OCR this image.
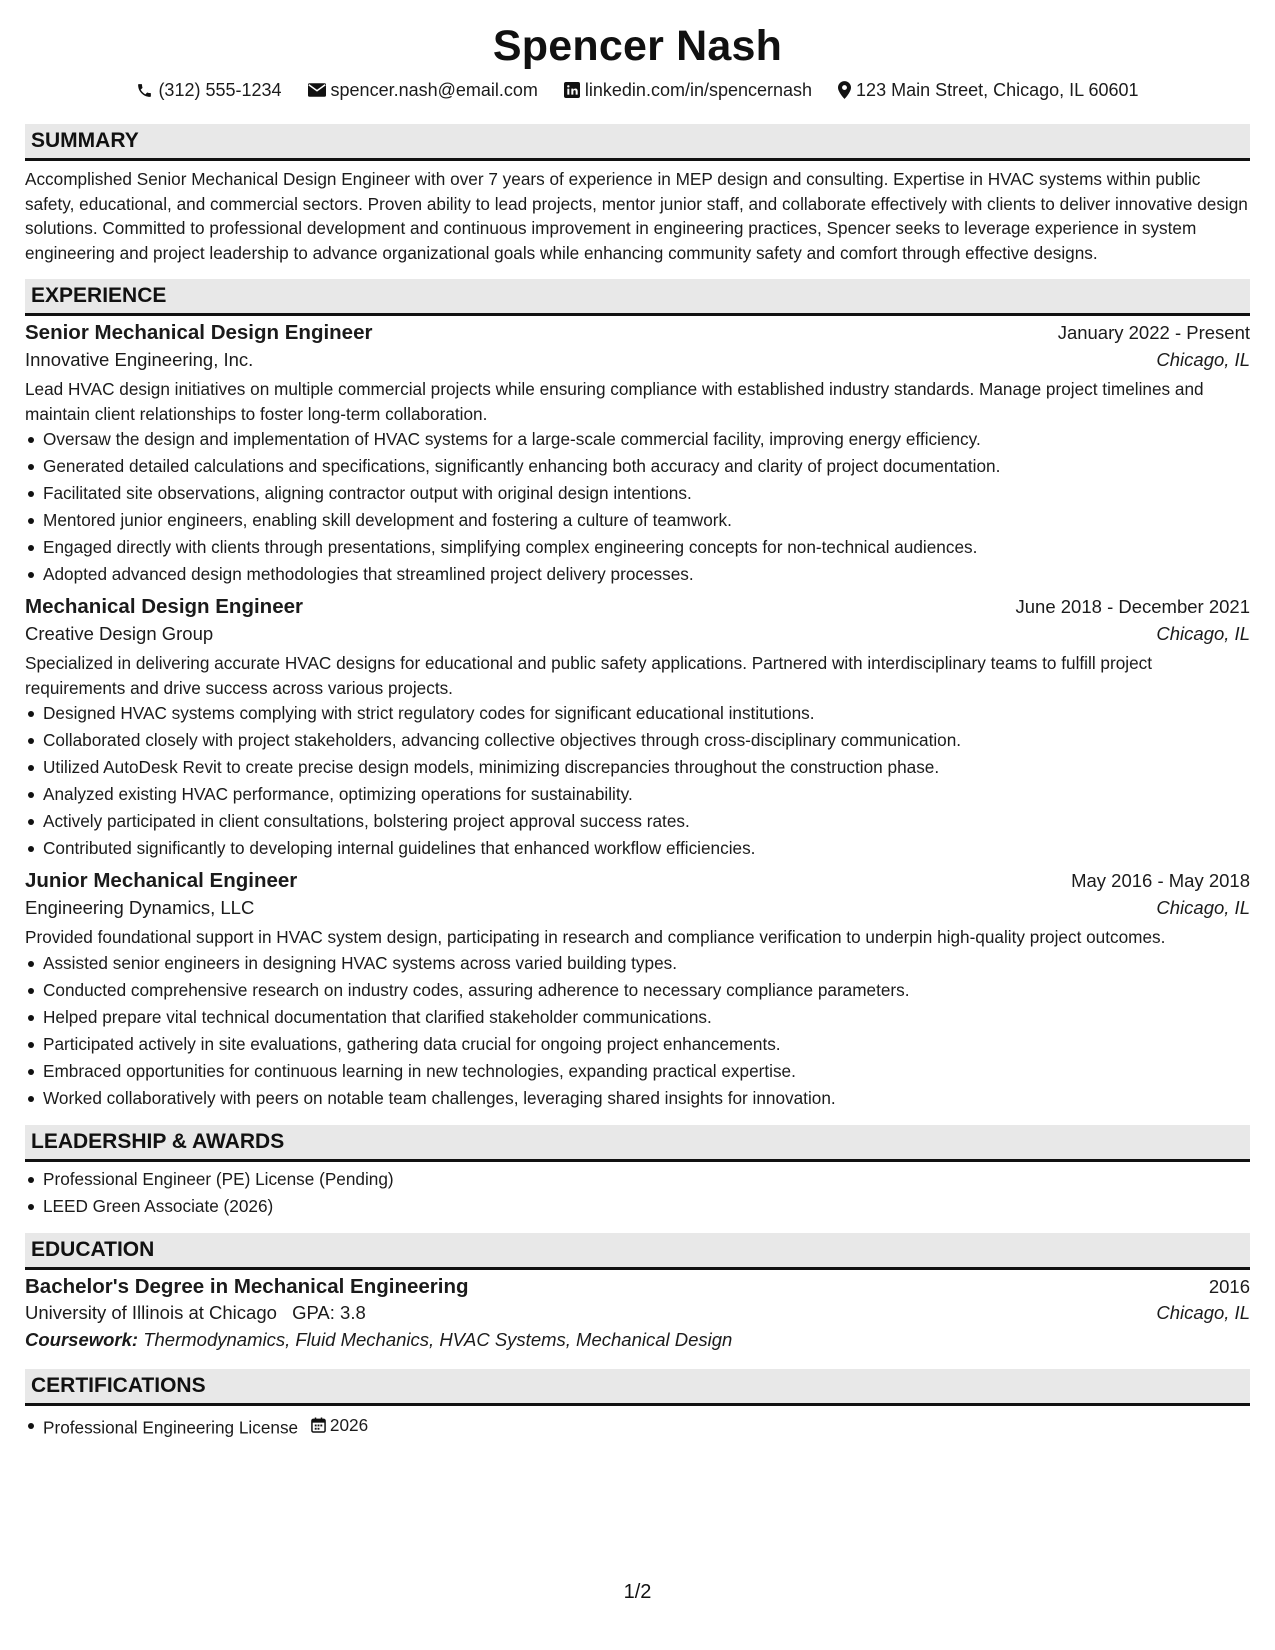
Spencer Nash
(312) 555-1234	spencer.nash@email.com	linkedin.com/in/spencernash 123 Main Street, Chicago, IL 60601
SUMMARY

Accomplished Senior Mechanical Design Engineer with over 7 years of experience in MEP design and consulting. Expertise in HVAC systems within public safety, educational, and commercial sectors. Proven ability to lead projects, mentor junior staff, and collaborate effectively with clients to deliver innovative design solutions. Committed to professional development and continuous improvement in engineering practices, Spencer seeks to leverage experience in system engineering and project leadership to advance organizational goals while enhancing community safety and comfort through effective designs.

EXPERIENCE
Senior Mechanical Design Engineer	January 2022 - Present
Innovative Engineering, Inc.	Chicago, IL

Lead HVAC design initiatives on multiple commercial projects while ensuring compliance with established industry standards. Manage project timelines and maintain client relationships to foster long-term collaboration.

Oversaw the design and implementation of HVAC systems for a large-scale commercial facility, improving energy efficiency.
Generated detailed calculations and specifications, significantly enhancing both accuracy and clarity of project documentation.
Facilitated site observations, aligning contractor output with original design intentions.
Mentored junior engineers, enabling skill development and fostering a culture of teamwork.
Engaged directly with clients through presentations, simplifying complex engineering concepts for non-technical audiences.
Adopted advanced design methodologies that streamlined project delivery processes.
Mechanical Design Engineer	June 2018 - December 2021
Creative Design Group	Chicago, IL

Specialized in delivering accurate HVAC designs for educational and public safety applications. Partnered with interdisciplinary teams to fulfill project requirements and drive success across various projects.

Designed HVAC systems complying with strict regulatory codes for significant educational institutions.
Collaborated closely with project stakeholders, advancing collective objectives through cross-disciplinary communication.
Utilized AutoDesk Revit to create precise design models, minimizing discrepancies throughout the construction phase.
Analyzed existing HVAC performance, optimizing operations for sustainability.
Actively participated in client consultations, bolstering project approval success rates.
Contributed significantly to developing internal guidelines that enhanced workflow efficiencies.
Junior Mechanical Engineer	May 2016 - May 2018
Engineering Dynamics, LLC	Chicago, IL

Provided foundational support in HVAC system design, participating in research and compliance verification to underpin high-quality project outcomes.

Assisted senior engineers in designing HVAC systems across varied building types.
Conducted comprehensive research on industry codes, assuring adherence to necessary compliance parameters.
Helped prepare vital technical documentation that clarified stakeholder communications.
Participated actively in site evaluations, gathering data crucial for ongoing project enhancements.
Embraced opportunities for continuous learning in new technologies, expanding practical expertise.
Worked collaboratively with peers on notable team challenges, leveraging shared insights for innovation.
LEADERSHIP & AWARDS
Professional Engineer (PE) License (Pending)
LEED Green Associate (2026)
EDUCATION
Bachelor's Degree in Mechanical Engineering	2016
University of Illinois at Chicago GPA: 3.8	Chicago, IL
Coursework: Thermodynamics, Fluid Mechanics, HVAC Systems, Mechanical Design
CERTIFICATIONS
Professional Engineering License 2026
1/2
